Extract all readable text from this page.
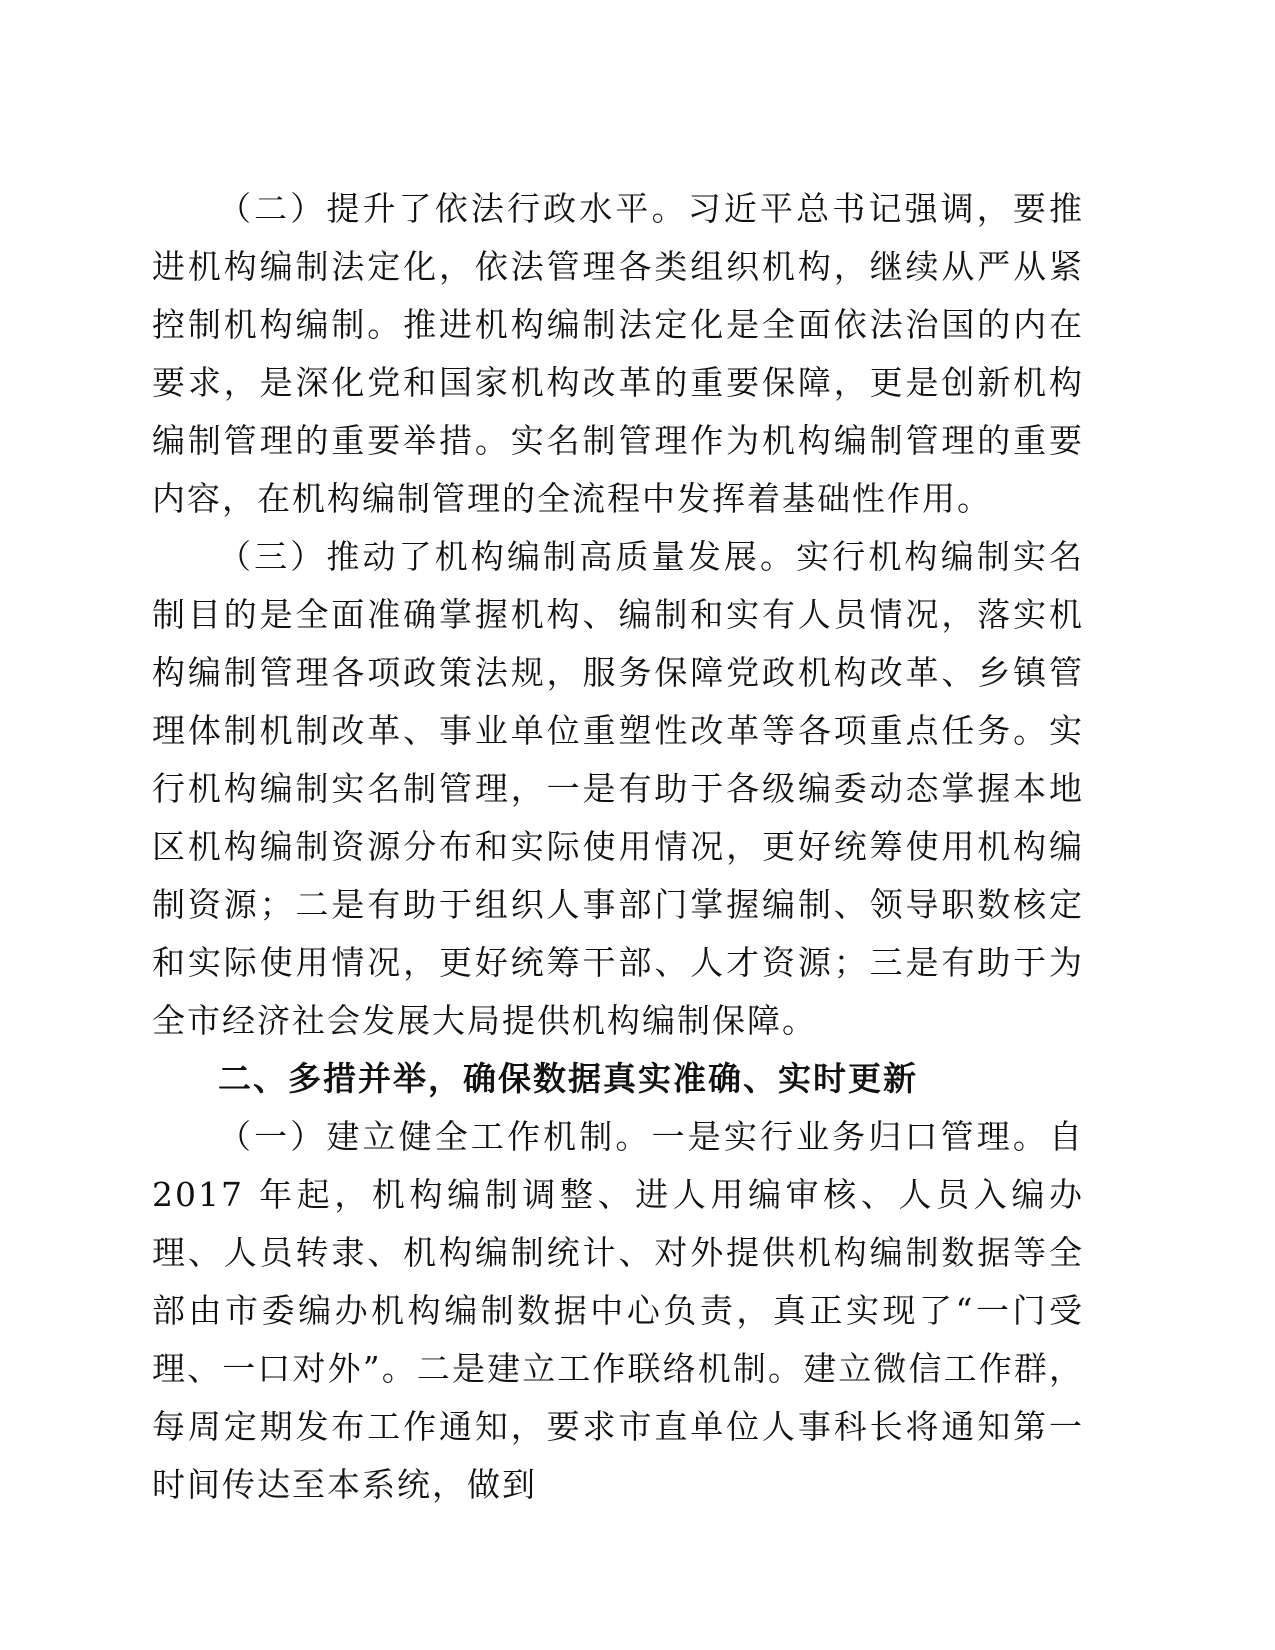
（二）提升了依法行政水平。习近平总书记强调，要推进机构编制法定化，依法管理各类组织机构，继续从严从紧控制机构编制。推进机构编制法定化是全面依法治国的内在要求，是深化党和国家机构改革的重要保障，更是创新机构编制管理的重要举措。实名制管理作为机构编制管理的重要内容，在机构编制管理的全流程中发挥着基础性作用。

（三）推动了机构编制高质量发展。实行机构编制实名制目的是全面准确掌握机构、编制和实有人员情况，落实机构编制管理各项政策法规，服务保障党政机构改革、乡镇管理体制机制改革、事业单位重塑性改革等各项重点任务。实行机构编制实名制管理，一是有助于各级编委动态掌握本地区机构编制资源分布和实际使用情况，更好统筹使用机构编制资源；二是有助于组织人事部门掌握编制、领导职数核定和实际使用情况，更好统筹干部、人才资源；三是有助于为全市经济社会发展大局提供机构编制保障。

二、多措并举，确保数据真实准确、实时更新

（一）建立健全工作机制。一是实行业务归口管理。自 2017 年起，机构编制调整、进人用编审核、人员入编办理、人员转隶、机构编制统计、对外提供机构编制数据等全部由市委编办机构编制数据中心负责，真正实现了“一门受理、一口对外”。二是建立工作联络机制。建立微信工作群，每周定期发布工作通知，要求市直单位人事科长将通知第一时间传达至本系统，做到
